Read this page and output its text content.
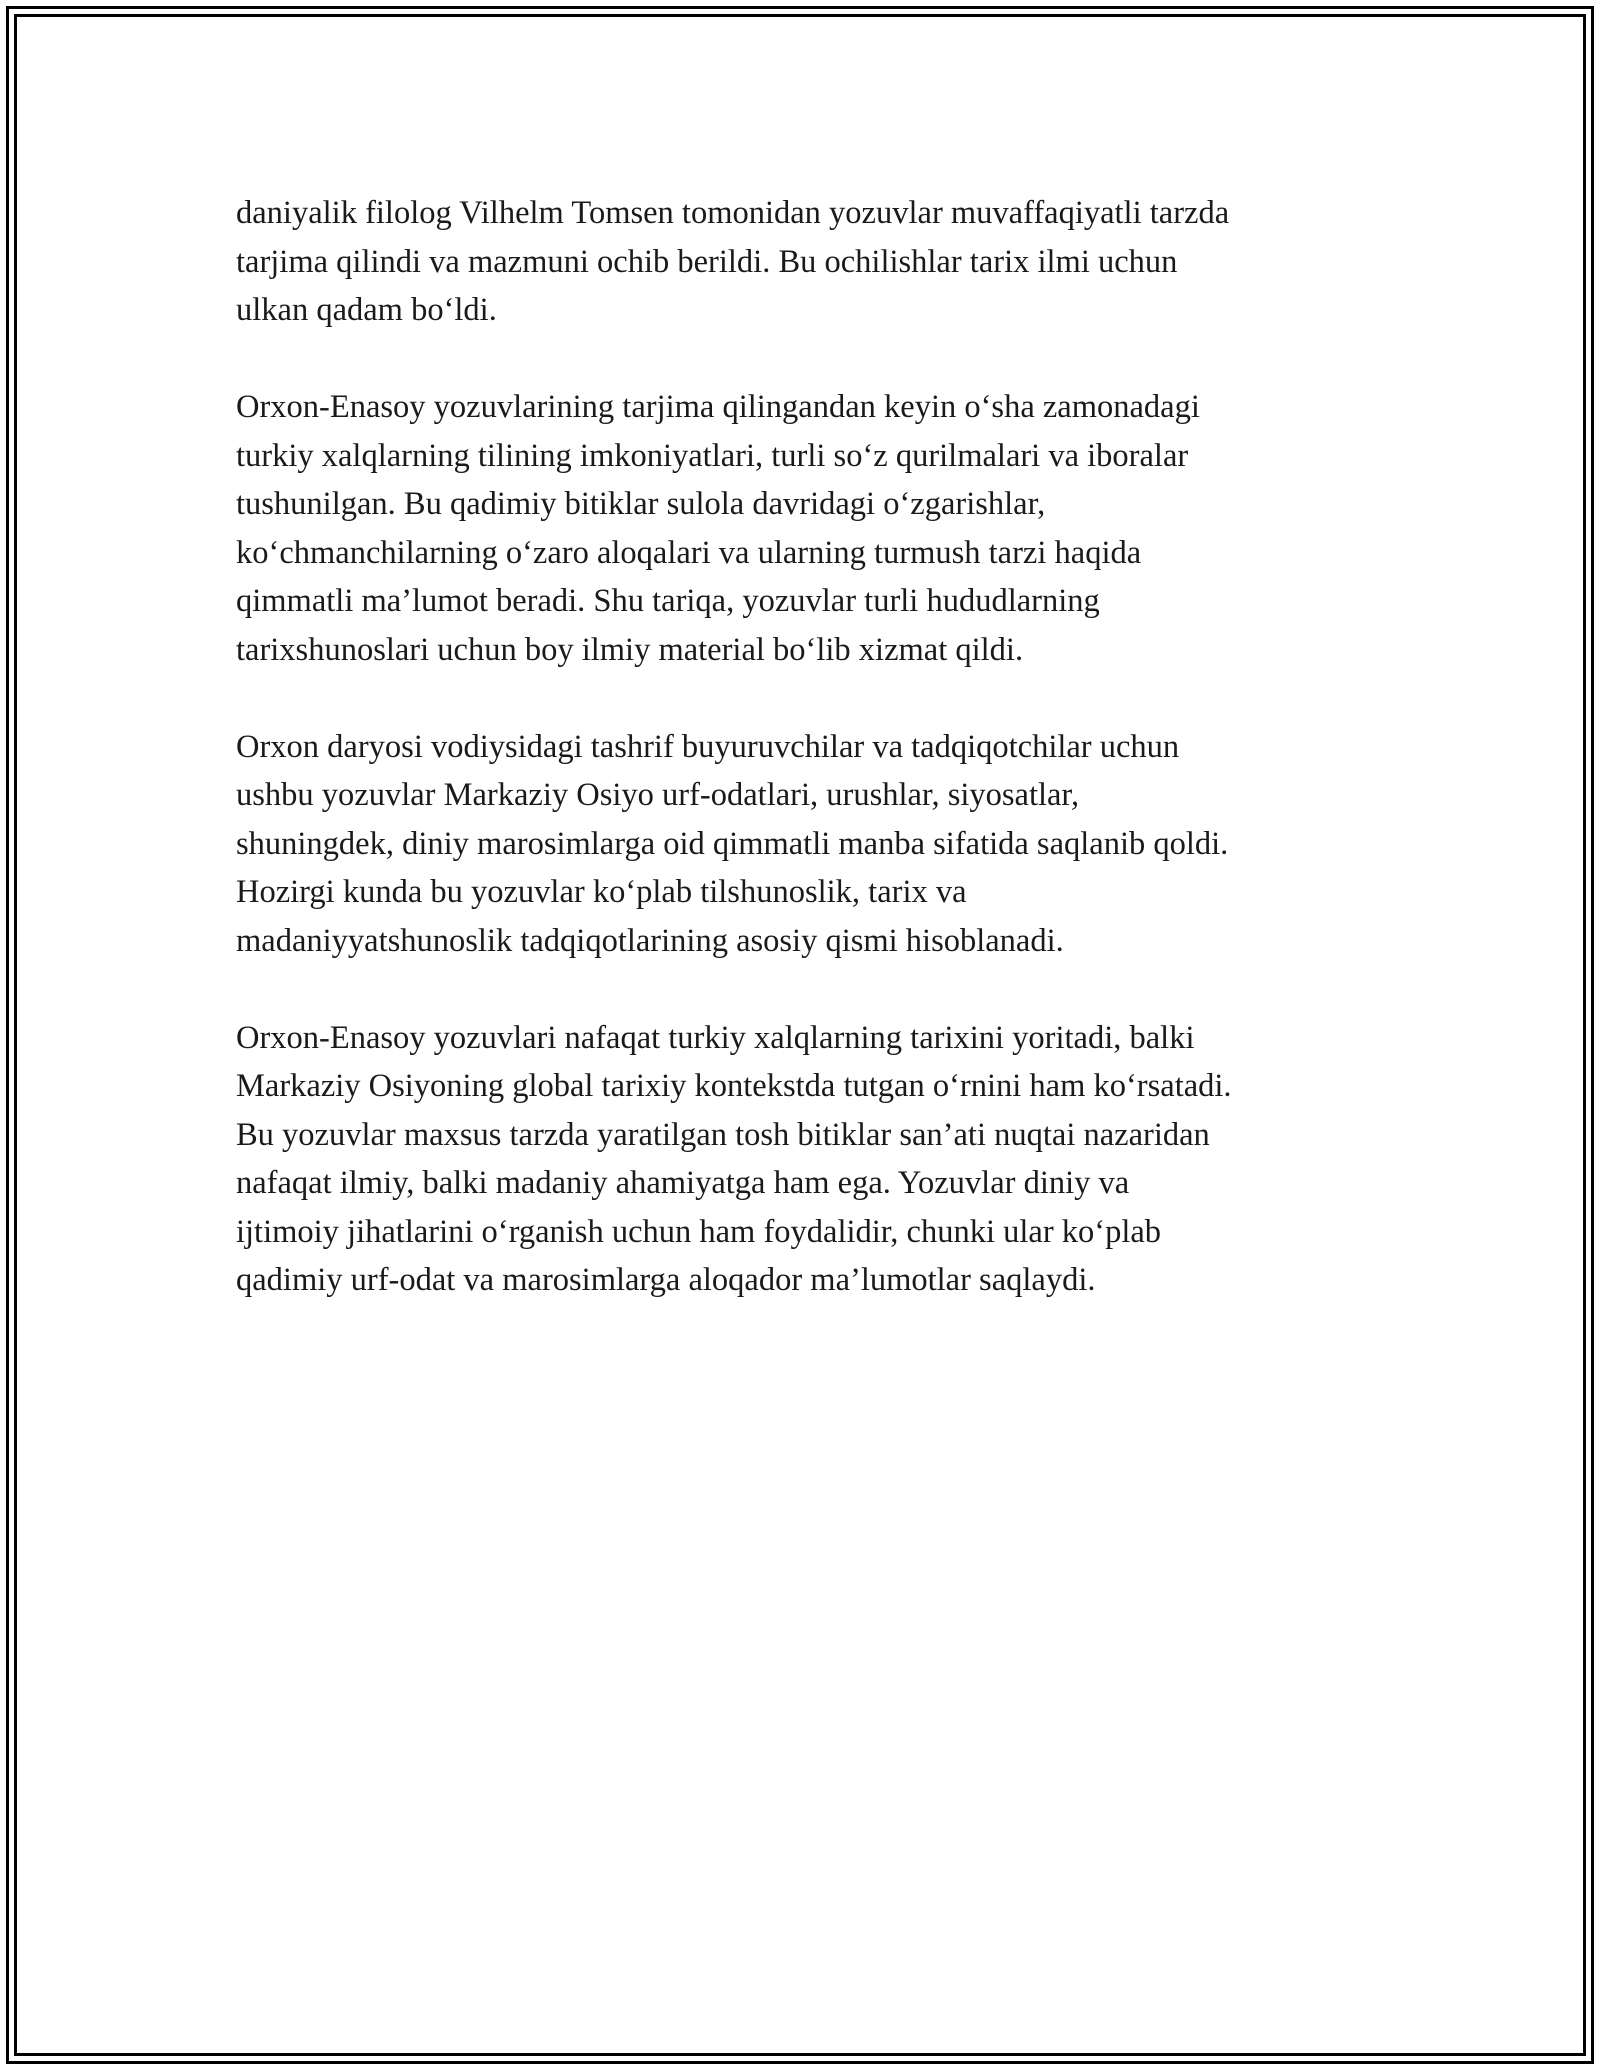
daniyalik filolog Vilhelm Tomsen tomonidan yozuvlar muvaffaqiyatli tarzda
tarjima qilindi va mazmuni ochib berildi. Bu ochilishlar tarix ilmi uchun
ulkan qadam bo‘ldi.

Orxon-Enasoy yozuvlarining tarjima qilingandan keyin o‘sha zamonadagi
turkiy xalqlarning tilining imkoniyatlari, turli so‘z qurilmalari va iboralar
tushunilgan. Bu qadimiy bitiklar sulola davridagi o‘zgarishlar,
ko‘chmanchilarning o‘zaro aloqalari va ularning turmush tarzi haqida
qimmatli ma’lumot beradi. Shu tariqa, yozuvlar turli hududlarning
tarixshunoslari uchun boy ilmiy material bo‘lib xizmat qildi.

Orxon daryosi vodiysidagi tashrif buyuruvchilar va tadqiqotchilar uchun
ushbu yozuvlar Markaziy Osiyo urf-odatlari, urushlar, siyosatlar,
shuningdek, diniy marosimlarga oid qimmatli manba sifatida saqlanib qoldi.
Hozirgi kunda bu yozuvlar ko‘plab tilshunoslik, tarix va
madaniyyatshunoslik tadqiqotlarining asosiy qismi hisoblanadi.

Orxon-Enasoy yozuvlari nafaqat turkiy xalqlarning tarixini yoritadi, balki
Markaziy Osiyoning global tarixiy kontekstda tutgan o‘rnini ham ko‘rsatadi.
Bu yozuvlar maxsus tarzda yaratilgan tosh bitiklar san’ati nuqtai nazaridan
nafaqat ilmiy, balki madaniy ahamiyatga ham ega. Yozuvlar diniy va
ijtimoiy jihatlarini o‘rganish uchun ham foydalidir, chunki ular ko‘plab
qadimiy urf-odat va marosimlarga aloqador ma’lumotlar saqlaydi.
